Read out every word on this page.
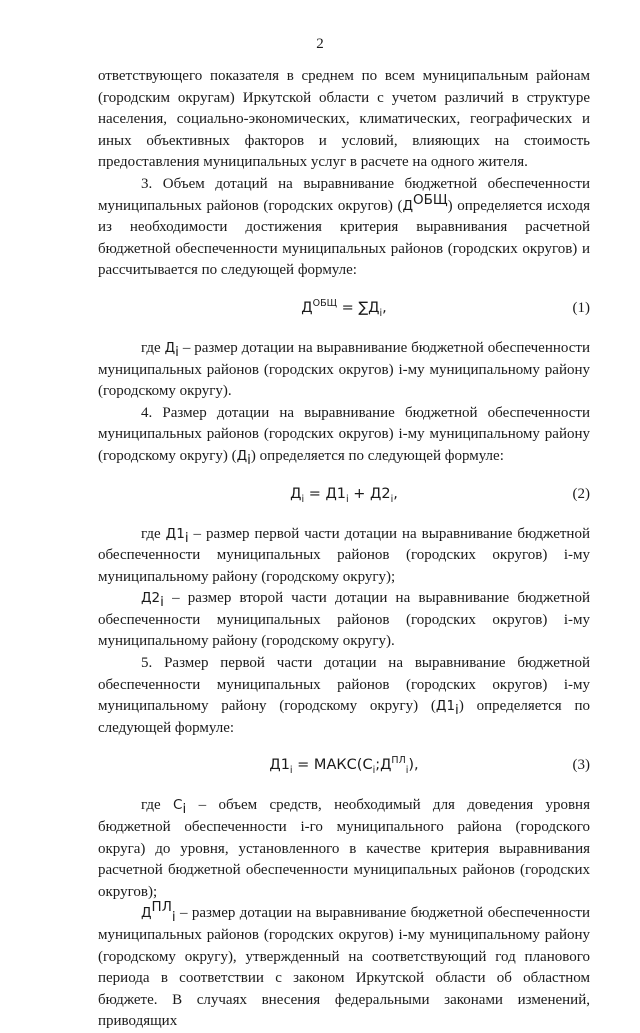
2

ответствующего показателя в среднем по всем муниципальным районам (городским округам) Иркутской области с учетом различий в структуре населения, социально-экономических, климатических, географических и иных объективных факторов и условий, влияющих на стоимость предоставления муниципальных услуг в расчете на одного жителя.

3. Объем дотаций на выравнивание бюджетной обеспеченности муниципальных районов (городских округов) $(Д^{ОБЩ})$ определяется исходя из необходимости достижения критерия выравнивания расчетной бюджетной обеспеченности муниципальных районов (городских округов) и рассчитывается по следующей формуле:

$Д^{ОБЩ} = \sum Д_i$,	(1)

где $Д_i$ – размер дотации на выравнивание бюджетной обеспеченности муниципальных районов (городских округов) i-му муниципальному району (городскому округу).

4. Размер дотации на выравнивание бюджетной обеспеченности муниципальных районов (городских округов) i-му муниципальному району (городскому округу) $(Д_i)$ определяется по следующей формуле:

$Д_i = Д1_i + Д2_i$,	(2)

где $Д1_i$ – размер первой части дотации на выравнивание бюджетной обеспеченности муниципальных районов (городских округов) i-му муниципальному району (городскому округу);

$Д2_i$ – размер второй части дотации на выравнивание бюджетной обеспеченности муниципальных районов (городских округов) i-му муниципальному району (городскому округу).

5. Размер первой части дотации на выравнивание бюджетной обеспеченности муниципальных районов (городских округов) i-му муниципальному району (городскому округу) $(Д1_i)$ определяется по следующей формуле:

$Д1_i$ = $МАКС(С_i;Д^{ПЛ}_i)$,	(3)

где $С_i$ – объем средств, необходимый для доведения уровня бюджетной обеспеченности i-го муниципального района (городского округа) до уровня, установленного в качестве критерия выравнивания расчетной бюджетной обеспеченности муниципальных районов (городских округов);

$Д^{ПЛ}_i$ – размер дотации на выравнивание бюджетной обеспеченности муниципальных районов (городских округов) i-му муниципальному району (городскому округу), утвержденный на соответствующий год планового периода в соответствии с законом Иркутской области об областном бюджете. В случаях внесения федеральными законами изменений, приводящих
